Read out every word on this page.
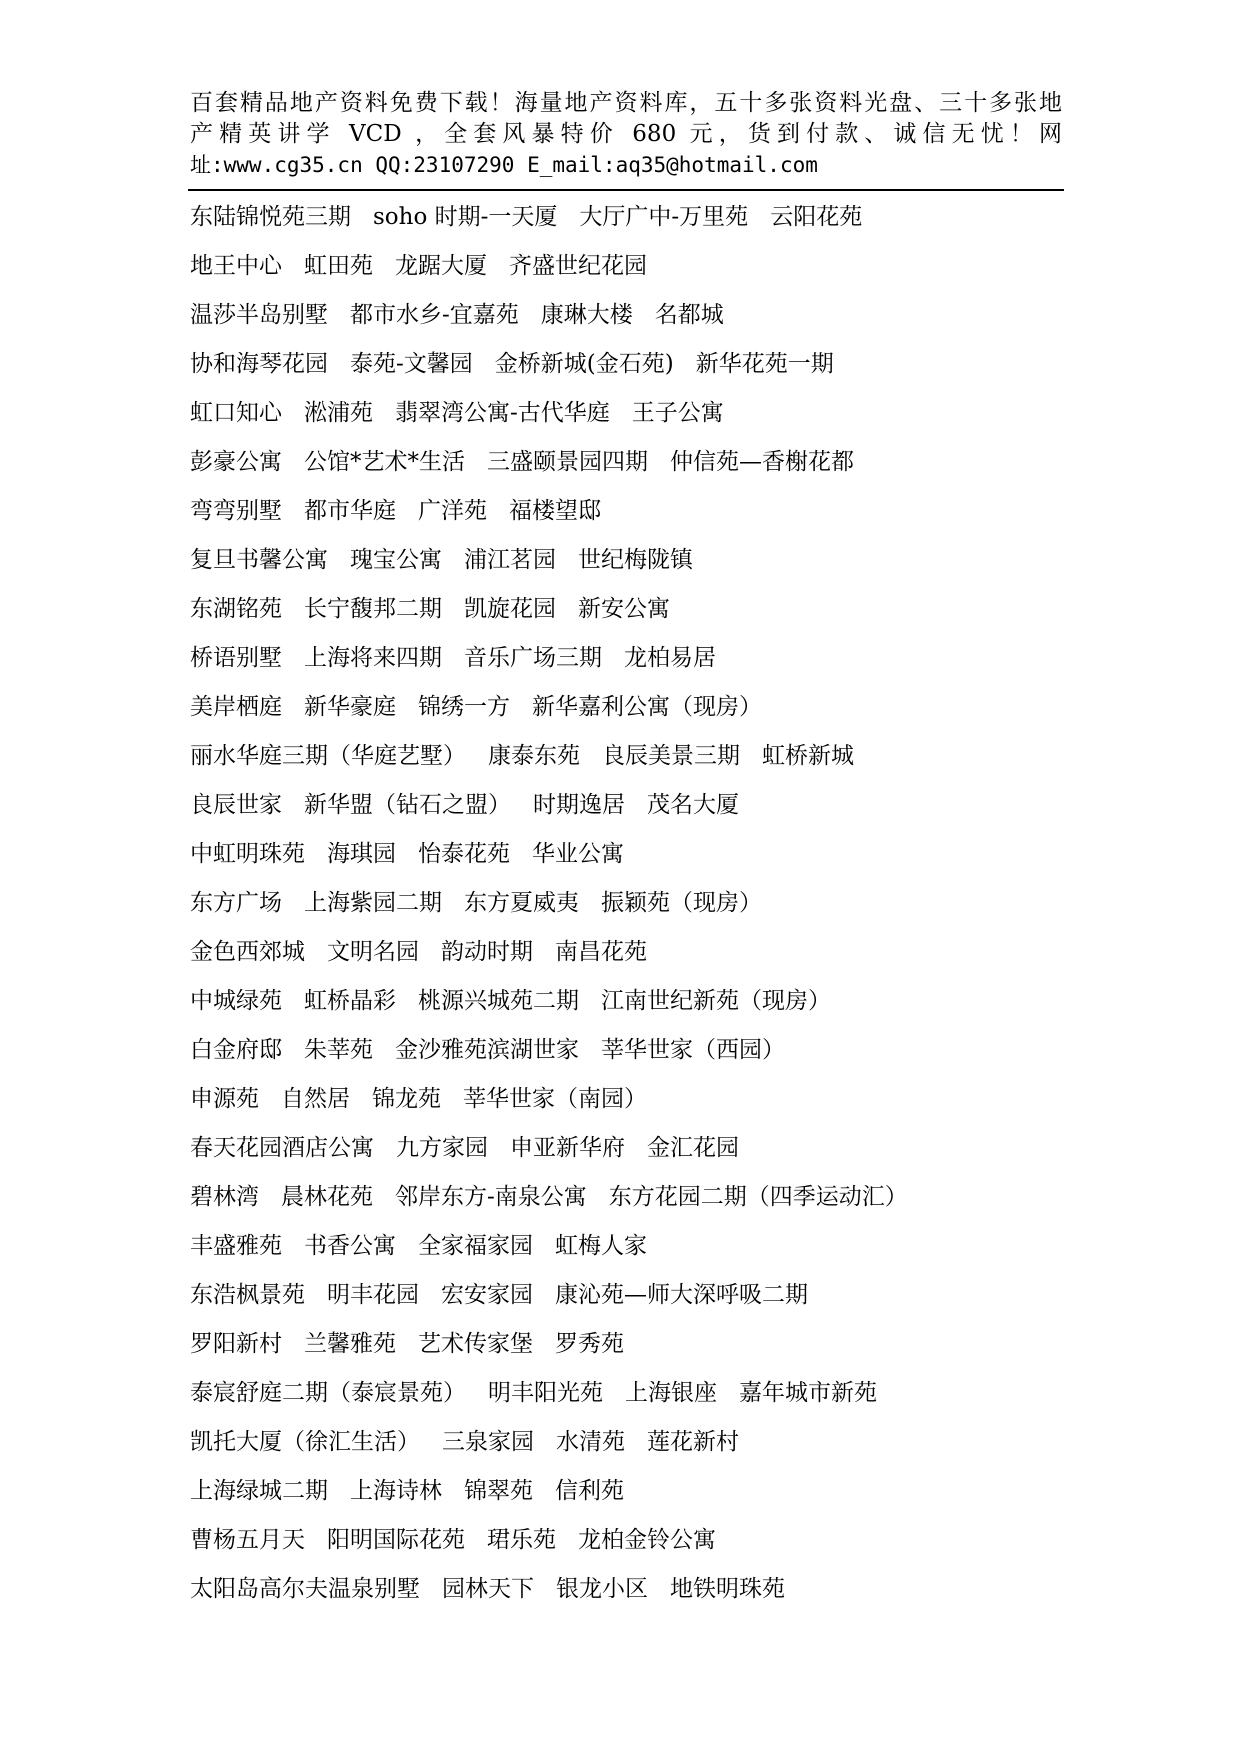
百套精品地产资料免费下载！海量地产资料库，五十多张资料光盘、三十多张地
产精英讲学 VCD ，全套风暴特价 680 元，货到付款、诚信无忧！网
址:www.cg35.cn QQ:23107290 E_mail:aq35@hotmail.com
东陆锦悦苑三期 soho 时期-一天厦 大厅广中-万里苑 云阳花苑
地王中心 虹田苑 龙踞大厦 齐盛世纪花园
温莎半岛别墅 都市水乡-宜嘉苑 康琳大楼 名都城
协和海琴花园 泰苑-文馨园 金桥新城(金石苑) 新华花苑一期
虹口知心 淞浦苑 翡翠湾公寓-古代华庭 王子公寓
彭豪公寓 公馆*艺术*生活 三盛颐景园四期 仲信苑—香榭花都
弯弯别墅 都市华庭 广洋苑 福楼望邸
复旦书馨公寓 瑰宝公寓 浦江茗园 世纪梅陇镇
东湖铭苑 长宁馥邦二期 凯旋花园 新安公寓
桥语别墅 上海将来四期 音乐广场三期 龙柏易居
美岸栖庭 新华豪庭 锦绣一方 新华嘉利公寓（现房）
丽水华庭三期（华庭艺墅） 康泰东苑 良辰美景三期 虹桥新城
良辰世家 新华盟（钻石之盟） 时期逸居 茂名大厦
中虹明珠苑 海琪园 怡泰花苑 华业公寓
东方广场 上海紫园二期 东方夏威夷 振颖苑（现房）
金色西郊城 文明名园 韵动时期 南昌花苑
中城绿苑 虹桥晶彩 桃源兴城苑二期 江南世纪新苑（现房）
白金府邸 朱莘苑 金沙雅苑滨湖世家 莘华世家（西园）
申源苑 自然居 锦龙苑 莘华世家（南园）
春天花园酒店公寓 九方家园 申亚新华府 金汇花园
碧林湾 晨林花苑 邻岸东方-南泉公寓 东方花园二期（四季运动汇）
丰盛雅苑 书香公寓 全家福家园 虹梅人家
东浩枫景苑 明丰花园 宏安家园 康沁苑—师大深呼吸二期
罗阳新村 兰馨雅苑 艺术传家堡 罗秀苑
泰宸舒庭二期（泰宸景苑） 明丰阳光苑 上海银座 嘉年城市新苑
凯托大厦（徐汇生活） 三泉家园 水清苑 莲花新村
上海绿城二期 上海诗林 锦翠苑 信利苑
曹杨五月天 阳明国际花苑 珺乐苑 龙柏金铃公寓
太阳岛高尔夫温泉别墅 园林天下 银龙小区 地铁明珠苑
